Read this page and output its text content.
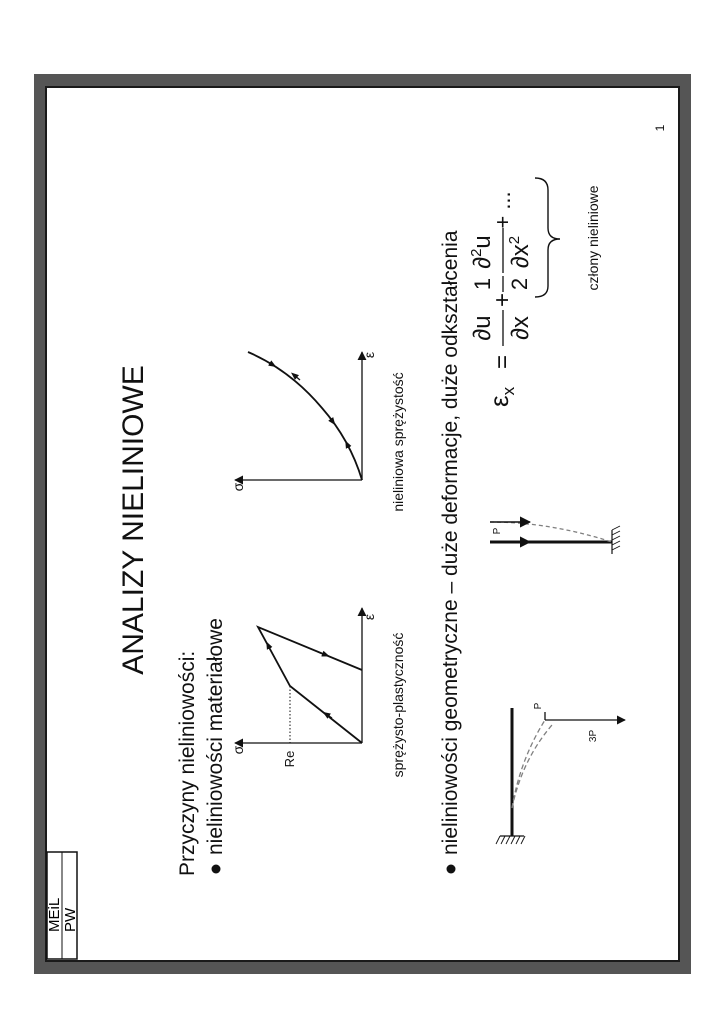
MEiL PW
1
ANALIZY NIELINIOWE
Przyczyny nieliniowości: nieliniowości materiałowe	nieliniowości geometryczne – duże deformacje, duże odkształcenia
σ
ε
Re	sprężysto-plastyczność
σ
ε
nieliniowa sprężystość
P
3P
P
$\varepsilon_x$
=
∂u ∂x
+
1 2
∂$^2$u
$\partial x^2$
+ ...	człony nieliniowe
